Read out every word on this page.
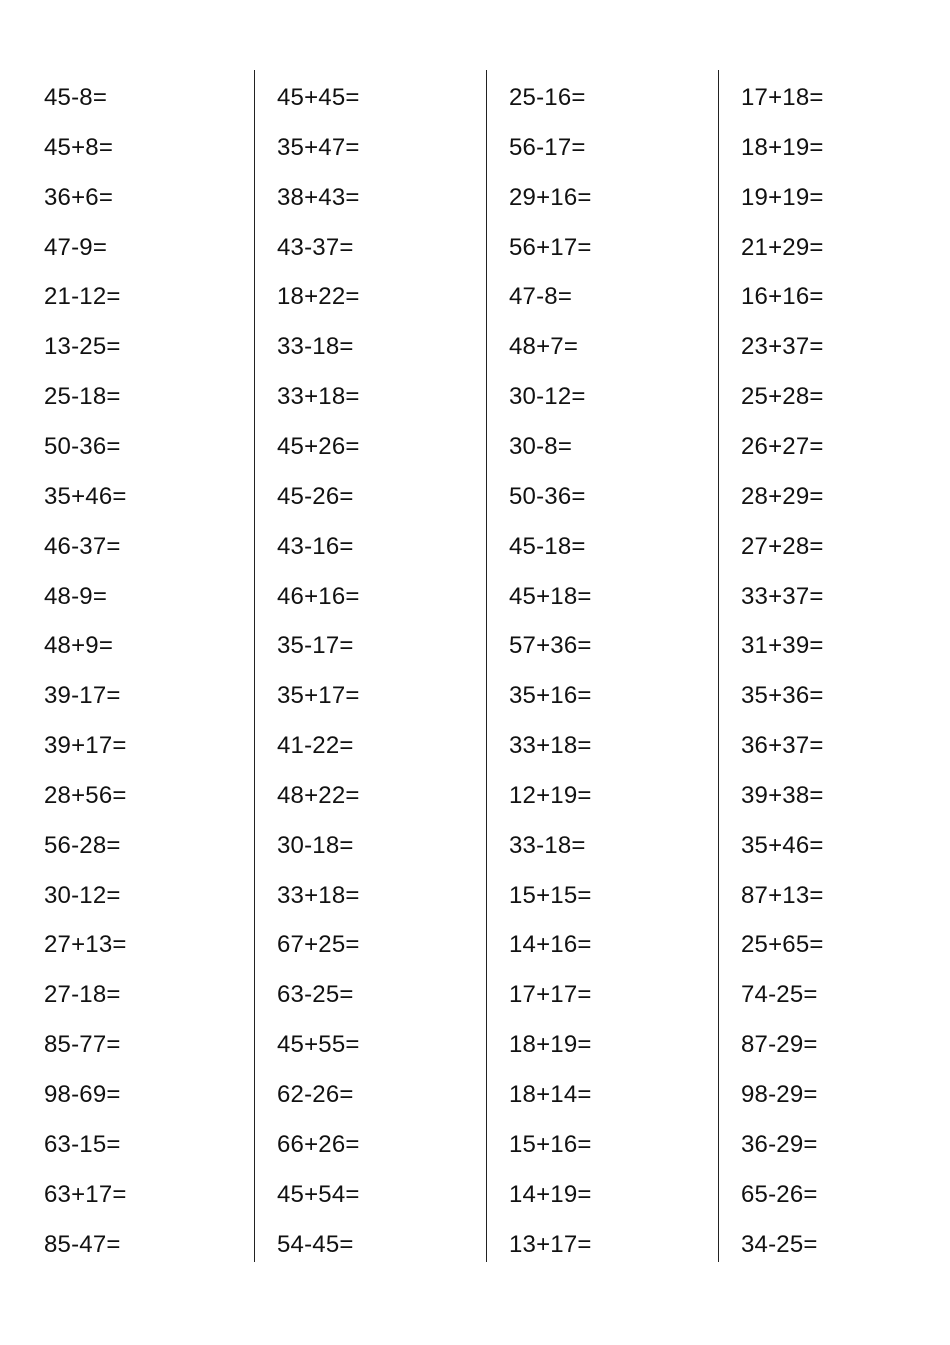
45-8=
45+8=
36+6=
47-9=
21-12=
13-25=
25-18=
50-36=
35+46=
46-37=
48-9=
48+9=
39-17=
39+17=
28+56=
56-28=
30-12=
27+13=
27-18=
85-77=
98-69=
63-15=
63+17=
85-47=
45+45=
35+47=
38+43=
43-37=
18+22=
33-18=
33+18=
45+26=
45-26=
43-16=
46+16=
35-17=
35+17=
41-22=
48+22=
30-18=
33+18=
67+25=
63-25=
45+55=
62-26=
66+26=
45+54=
54-45=
25-16=
56-17=
29+16=
56+17=
47-8=
48+7=
30-12=
30-8=
50-36=
45-18=
45+18=
57+36=
35+16=
33+18=
12+19=
33-18=
15+15=
14+16=
17+17=
18+19=
18+14=
15+16=
14+19=
13+17=
17+18=
18+19=
19+19=
21+29=
16+16=
23+37=
25+28=
26+27=
28+29=
27+28=
33+37=
31+39=
35+36=
36+37=
39+38=
35+46=
87+13=
25+65=
74-25=
87-29=
98-29=
36-29=
65-26=
34-25=
